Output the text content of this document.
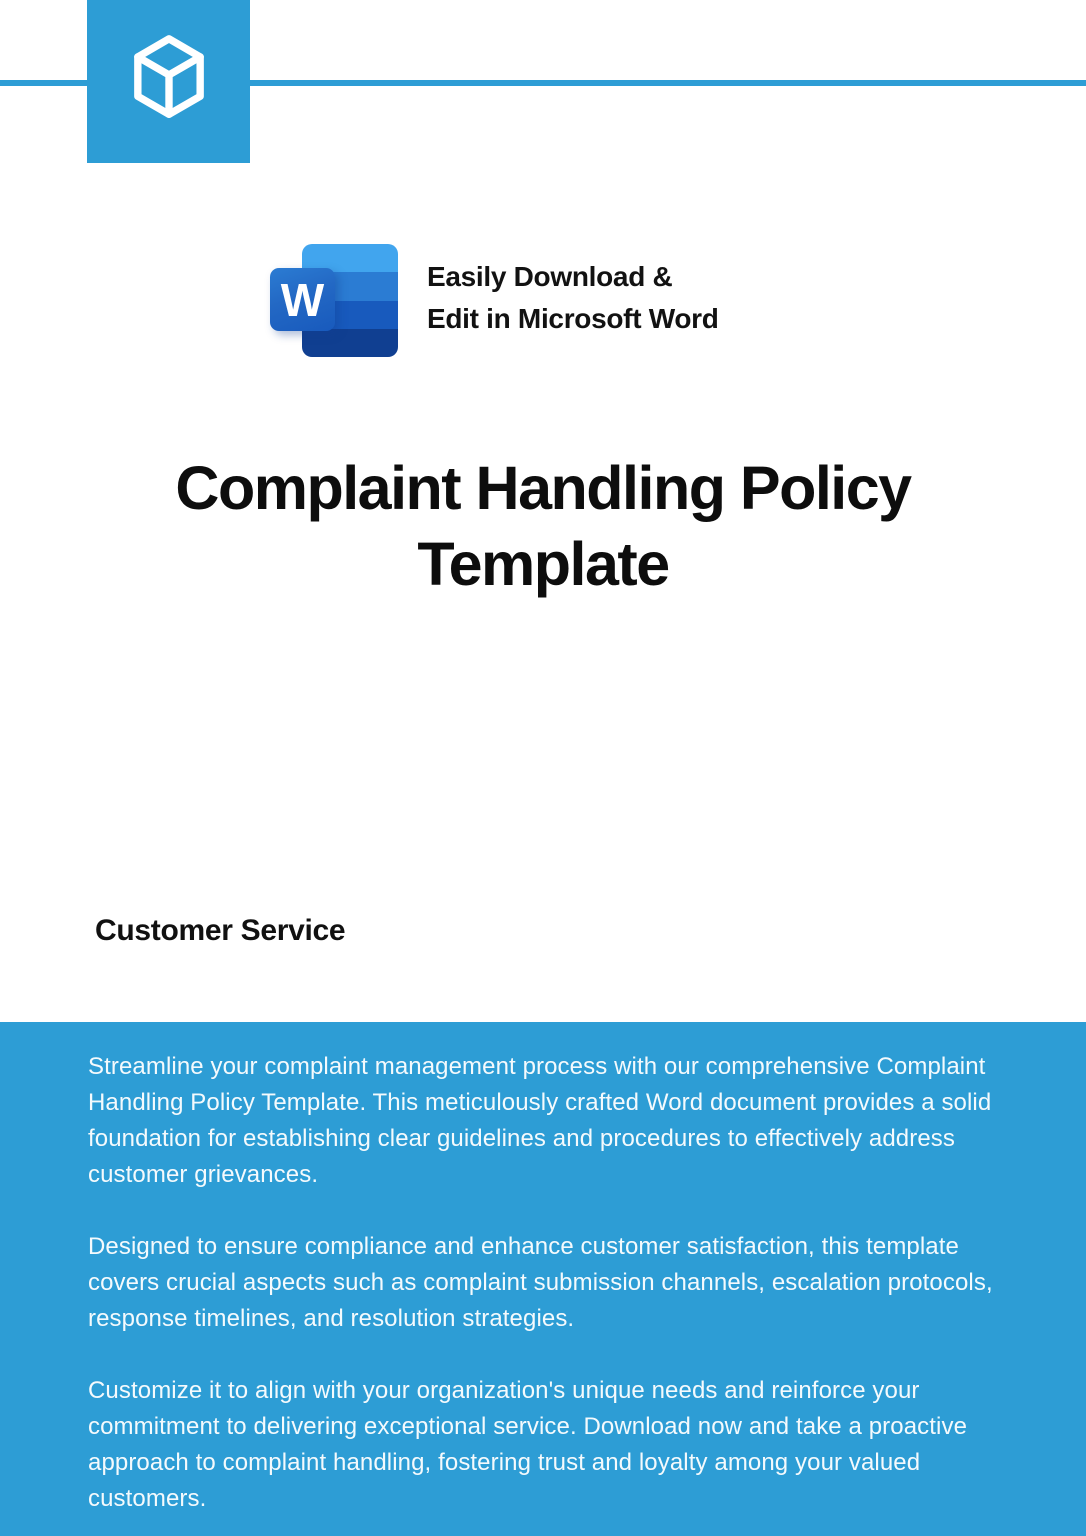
W	Easily Download &
Edit in Microsoft Word
Complaint Handling Policy
Template
Customer Service
Streamline your complaint management process with our comprehensive Complaint
Handling Policy Template. This meticulously crafted Word document provides a solid
foundation for establishing clear guidelines and procedures to effectively address
customer grievances.
Designed to ensure compliance and enhance customer satisfaction, this template
covers crucial aspects such as complaint submission channels, escalation protocols,
response timelines, and resolution strategies.
Customize it to align with your organization's unique needs and reinforce your
commitment to delivering exceptional service. Download now and take a proactive
approach to complaint handling, fostering trust and loyalty among your valued
customers.
